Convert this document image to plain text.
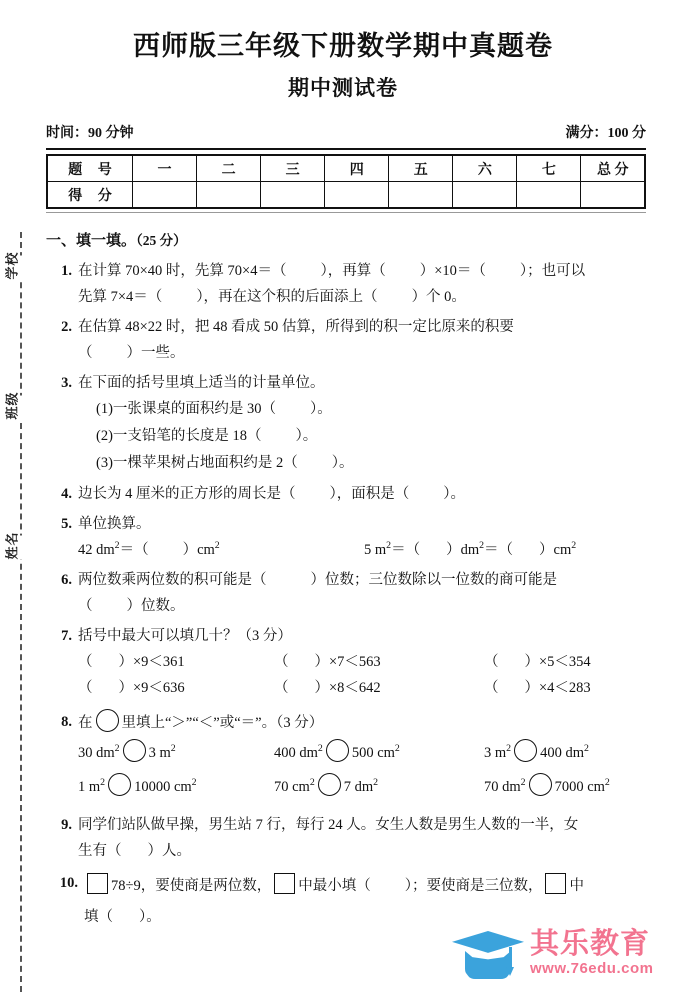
学校
班级
姓名
西师版三年级下册数学期中真题卷
期中测试卷
时间：90 分钟	满分：100 分
题 号	一	二	三	四	五	六	七	总 分
得 分								
一、填一填。（25 分）
1. 在计算 70×40 时，先算 70×4＝（ ），再算（ ）×10＝（ ）；也可以
先算 7×4＝（ ），再在这个积的后面添上（ ）个 0。
2. 在估算 48×22 时，把 48 看成 50 估算，所得到的积一定比原来的积要
（ ）一些。
3. 在下面的括号里填上适当的计量单位。
(1)一张课桌的面积约是 30（ ）。
(2)一支铅笔的长度是 18（ ）。
(3)一棵苹果树占地面积约是 2（ ）。
4. 边长为 4 厘米的正方形的周长是（ ），面积是（ ）。
5. 单位换算。
42 $dm^2=$（ ）$cm^2$	5 $m^2=$（ ）$dm^2=$（ ）$cm^2$
6. 两位数乘两位数的积可能是（	）位数；三位数除以一位数的商可能是
（ ）位数。
7. 括号中最大可以填几十？（3 分）
（ ）×9＜361	（ ）×7＜563	（ ）×5＜354
（ ）×9＜636	（ ）×8＜642	（ ）×4＜283
8. 在 里填上“＞”“＜”或“＝”。（3 分）
30 $dm^2$ 3 $m^2$	400 $dm^2$ 500 $cm^2$	3 $m^2$ 400 $dm^2$
1 $m^2$ 10000 $cm^2$	70 $cm^2$ 7 $dm^2$	70 $dm^2$ 7000 $cm^2$
9. 同学们站队做早操，男生站 7 行，每行 24 人。女生人数是男生人数的一半，女
生有（ ）人。
10.	78÷9，要使商是两位数， 中最小填（ ）；要使商是三位数， 中
填（ ）。
其乐教育
www.76edu.com
